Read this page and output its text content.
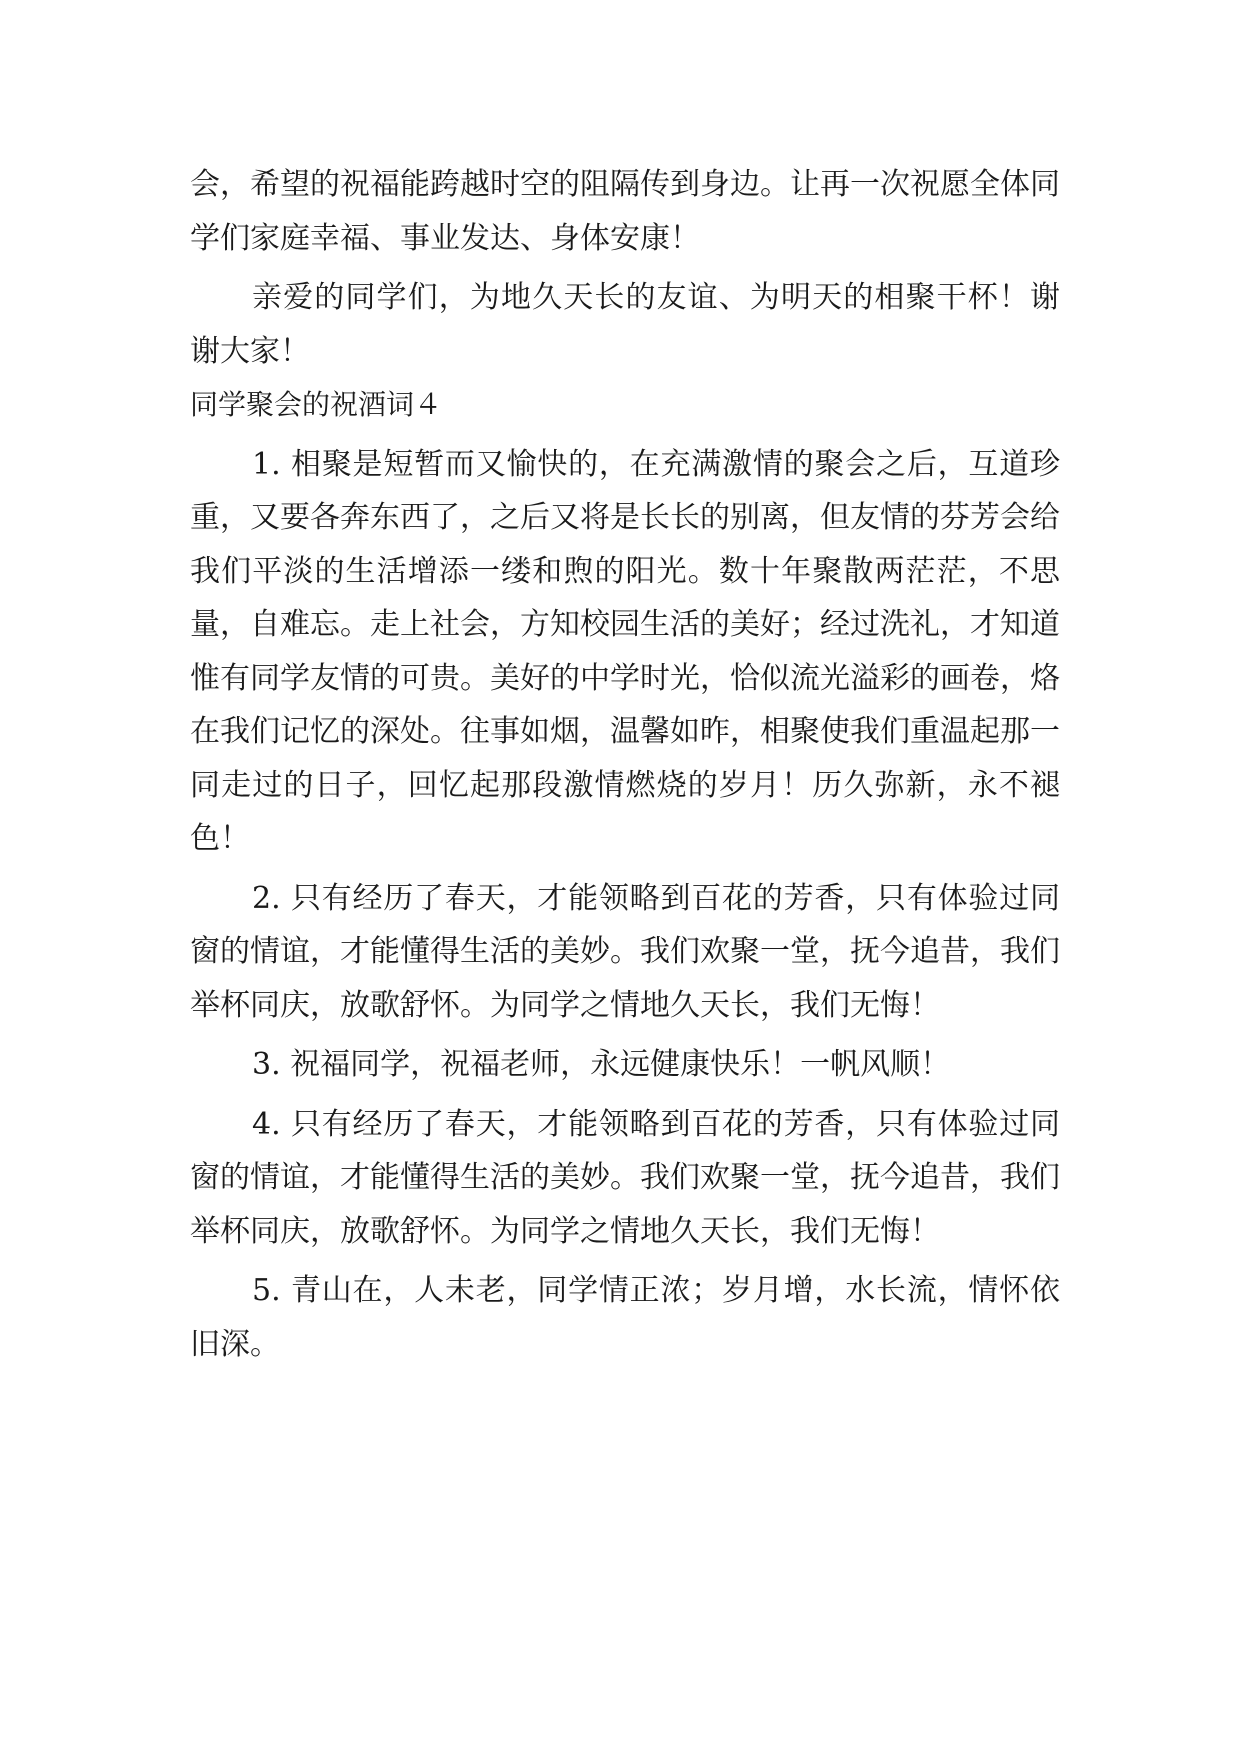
会，希望的祝福能跨越时空的阻隔传到身边。让再一次祝愿全体同学们家庭幸福、事业发达、身体安康！

亲爱的同学们，为地久天长的友谊、为明天的相聚干杯！谢谢大家！

同学聚会的祝酒词４

1. 相聚是短暂而又愉快的，在充满激情的聚会之后，互道珍重，又要各奔东西了，之后又将是长长的别离，但友情的芬芳会给我们平淡的生活增添一缕和煦的阳光。数十年聚散两茫茫，不思量，自难忘。走上社会，方知校园生活的美好；经过洗礼，才知道惟有同学友情的可贵。美好的中学时光，恰似流光溢彩的画卷，烙在我们记忆的深处。往事如烟，温馨如昨，相聚使我们重温起那一同走过的日子，回忆起那段激情燃烧的岁月！历久弥新，永不褪色！

2. 只有经历了春天，才能领略到百花的芳香，只有体验过同窗的情谊，才能懂得生活的美妙。我们欢聚一堂，抚今追昔，我们举杯同庆，放歌舒怀。为同学之情地久天长，我们无悔！

3. 祝福同学，祝福老师，永远健康快乐！一帆风顺！

4. 只有经历了春天，才能领略到百花的芳香，只有体验过同窗的情谊，才能懂得生活的美妙。我们欢聚一堂，抚今追昔，我们举杯同庆，放歌舒怀。为同学之情地久天长，我们无悔！

5. 青山在，人未老，同学情正浓；岁月增，水长流，情怀依旧深。
